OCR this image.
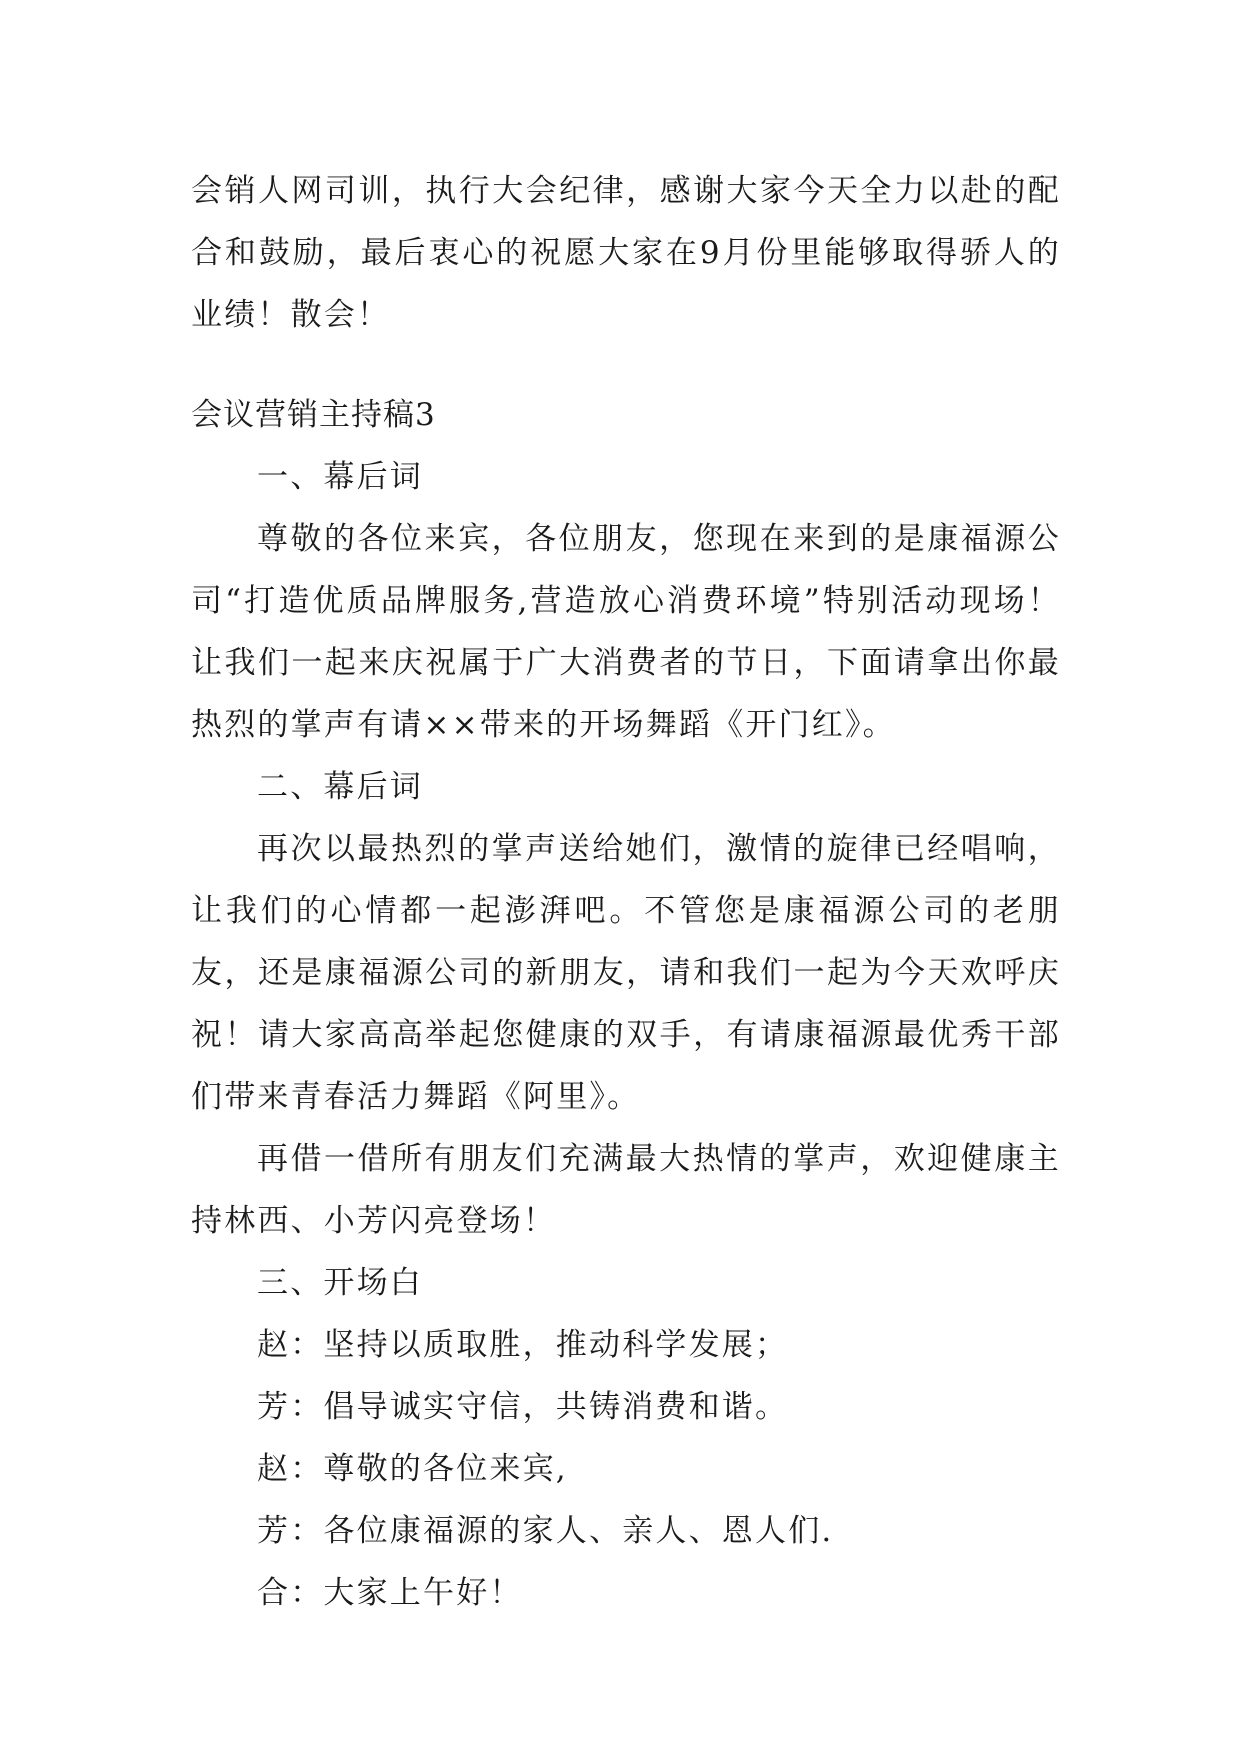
会销人网司训，执行大会纪律，感谢大家今天全力以赴的配合和鼓励，最后衷心的祝愿大家在9月份里能够取得骄人的业绩！散会！

会议营销主持稿3

一、幕后词

尊敬的各位来宾，各位朋友，您现在来到的是康福源公司“打造优质品牌服务,营造放心消费环境”特别活动现场！让我们一起来庆祝属于广大消费者的节日，下面请拿出你最热烈的掌声有请××带来的开场舞蹈《开门红》。

二、幕后词

再次以最热烈的掌声送给她们，激情的旋律已经唱响，让我们的心情都一起澎湃吧。不管您是康福源公司的老朋友，还是康福源公司的新朋友，请和我们一起为今天欢呼庆祝！请大家高高举起您健康的双手，有请康福源最优秀干部们带来青春活力舞蹈《阿里》。

再借一借所有朋友们充满最大热情的掌声，欢迎健康主持林西、小芳闪亮登场！

三、开场白

赵：坚持以质取胜，推动科学发展；

芳：倡导诚实守信，共铸消费和谐。

赵：尊敬的各位来宾,

芳：各位康福源的家人、亲人、恩人们.

合：大家上午好！
